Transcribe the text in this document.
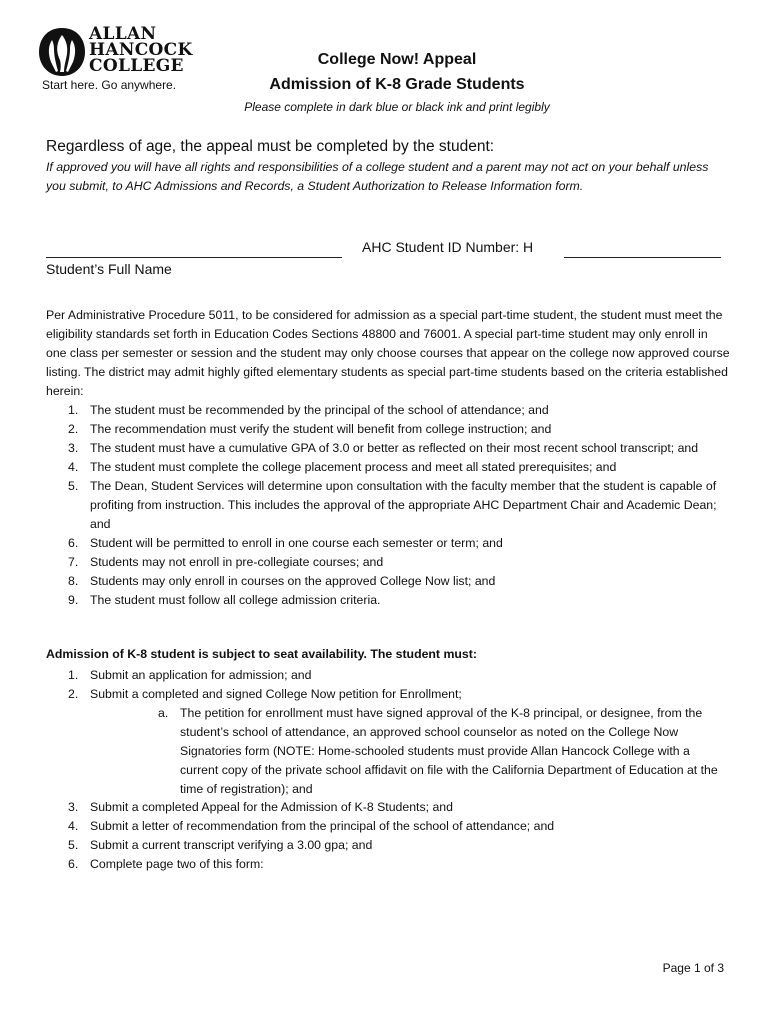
ALLAN
HANCOCK
COLLEGE
Start here. Go anywhere.
College Now! Appeal
Admission of K-8 Grade Students
Please complete in dark blue or black ink and print legibly
Regardless of age, the appeal must be completed by the student:
If approved you will have all rights and responsibilities of a college student and a parent may not act on your behalf unless you submit, to AHC Admissions and Records, a Student Authorization to Release Information form.
AHC Student ID Number: H
Student’s Full Name
Per Administrative Procedure 5011, to be considered for admission as a special part-time student, the student must meet the eligibility standards set forth in Education Codes Sections 48800 and 76001. A special part-time student may only enroll in one class per semester or session and the student may only choose courses that appear on the college now approved course listing. The district may admit highly gifted elementary students as special part-time students based on the criteria established herein:
1. The student must be recommended by the principal of the school of attendance; and
2. The recommendation must verify the student will benefit from college instruction; and
3. The student must have a cumulative GPA of 3.0 or better as reflected on their most recent school transcript; and
4. The student must complete the college placement process and meet all stated prerequisites; and
5. The Dean, Student Services will determine upon consultation with the faculty member that the student is capable of profiting from instruction. This includes the approval of the appropriate AHC Department Chair and Academic Dean; and
6. Student will be permitted to enroll in one course each semester or term; and
7. Students may not enroll in pre-collegiate courses; and
8. Students may only enroll in courses on the approved College Now list; and
9. The student must follow all college admission criteria.
Admission of K-8 student is subject to seat availability. The student must:
1. Submit an application for admission; and
2. Submit a completed and signed College Now petition for Enrollment;
a. The petition for enrollment must have signed approval of the K-8 principal, or designee, from the student’s school of attendance, an approved school counselor as noted on the College Now Signatories form (NOTE: Home-schooled students must provide Allan Hancock College with a current copy of the private school affidavit on file with the California Department of Education at the time of registration); and
3. Submit a completed Appeal for the Admission of K-8 Students; and
4. Submit a letter of recommendation from the principal of the school of attendance; and
5. Submit a current transcript verifying a 3.00 gpa; and
6. Complete page two of this form:
Page 1 of 3
